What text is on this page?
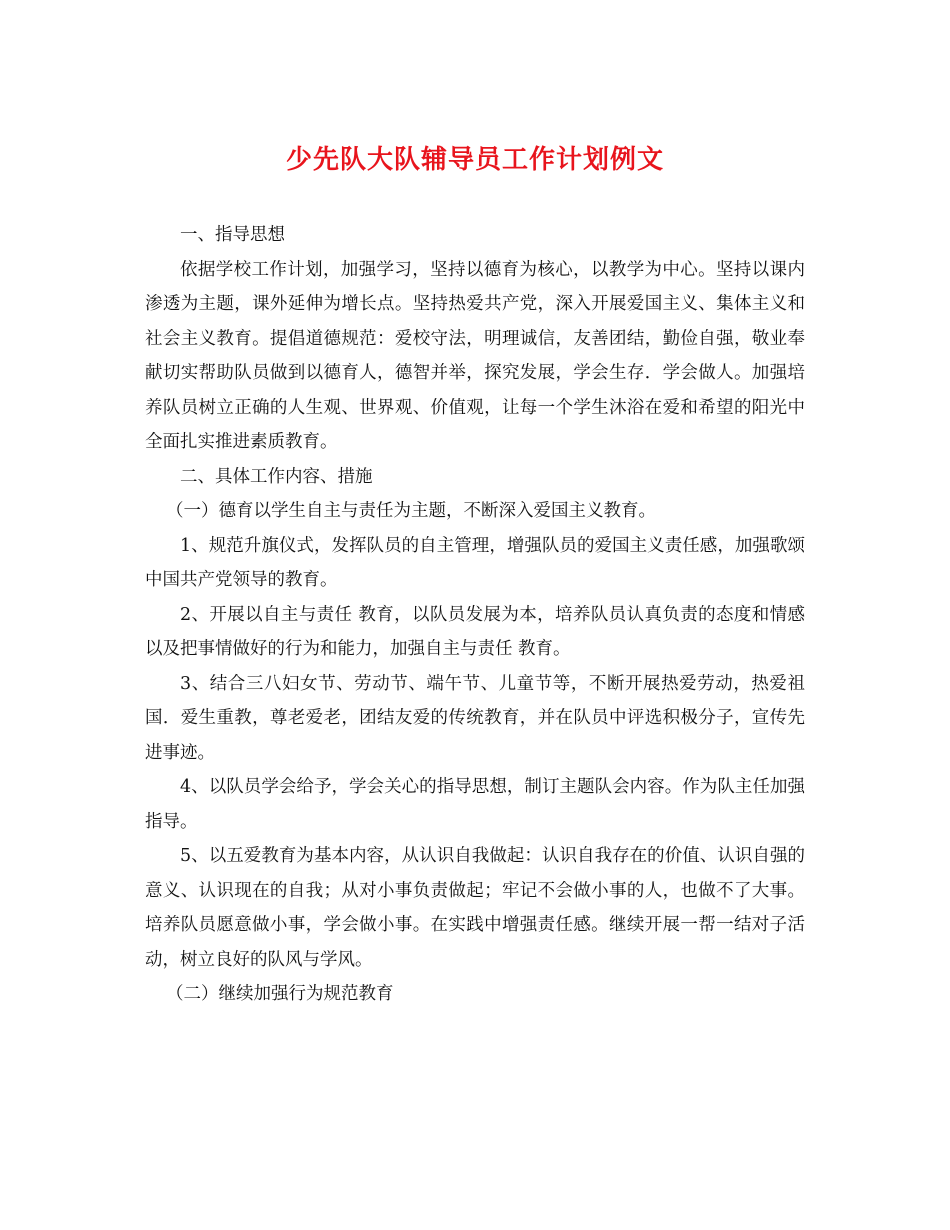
少先队大队辅导员工作计划例文

一、指导思想

依据学校工作计划，加强学习，坚持以德育为核心，以教学为中心。坚持以课内渗透为主题，课外延伸为增长点。坚持热爱共产党，深入开展爱国主义、集体主义和社会主义教育。提倡道德规范：爱校守法，明理诚信，友善团结，勤俭自强，敬业奉献切实帮助队员做到以德育人，德智并举，探究发展，学会生存．学会做人。加强培养队员树立正确的人生观、世界观、价值观，让每一个学生沐浴在爱和希望的阳光中全面扎实推进素质教育。

二、具体工作内容、措施

（一）德育以学生自主与责任为主题，不断深入爱国主义教育。

1、规范升旗仪式，发挥队员的自主管理，增强队员的爱国主义责任感，加强歌颂中国共产党领导的教育。

2、开展以自主与责任 教育，以队员发展为本，培养队员认真负责的态度和情感以及把事情做好的行为和能力，加强自主与责任 教育。

3、结合三八妇女节、劳动节、端午节、儿童节等，不断开展热爱劳动，热爱祖国．爱生重教，尊老爱老，团结友爱的传统教育，并在队员中评选积极分子，宣传先进事迹。

4、以队员学会给予，学会关心的指导思想，制订主题队会内容。作为队主任加强指导。

5、以五爱教育为基本内容，从认识自我做起：认识自我存在的价值、认识自强的意义、认识现在的自我；从对小事负责做起；牢记不会做小事的人，也做不了大事。培养队员愿意做小事，学会做小事。在实践中增强责任感。继续开展一帮一结对子活动，树立良好的队风与学风。

（二）继续加强行为规范教育
